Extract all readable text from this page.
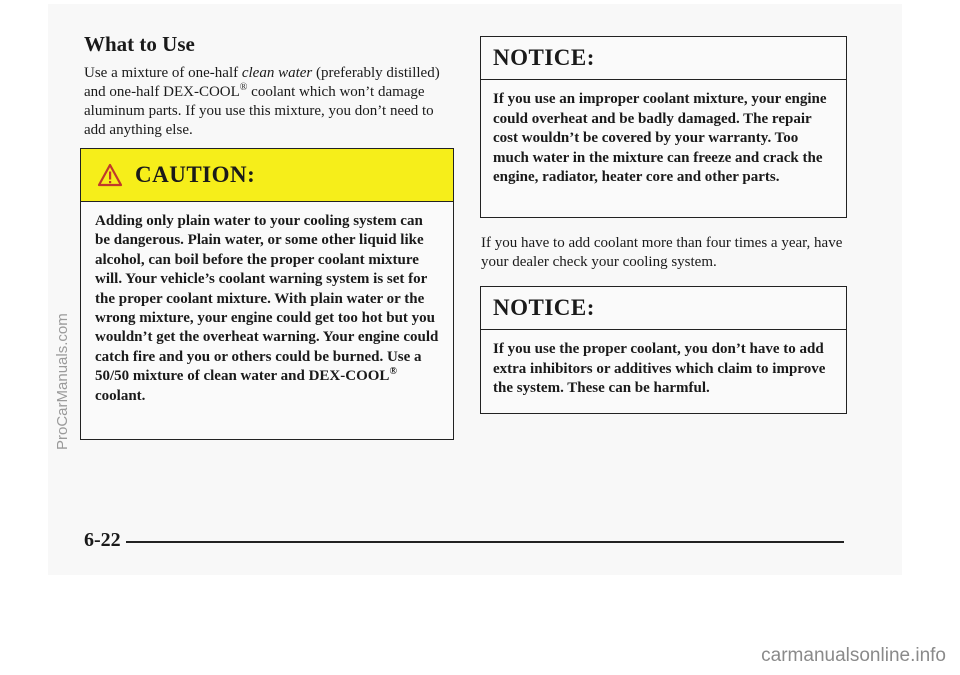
What to Use

Use a mixture of one-half clean water (preferably distilled) and one-half DEX-COOL® coolant which won’t damage aluminum parts. If you use this mixture, you don’t need to add anything else.

CAUTION:
Adding only plain water to your cooling system can be dangerous. Plain water, or some other liquid like alcohol, can boil before the proper coolant mixture will. Your vehicle’s coolant warning system is set for the proper coolant mixture. With plain water or the wrong mixture, your engine could get too hot but you wouldn’t get the overheat warning. Your engine could catch fire and you or others could be burned. Use a 50/50 mixture of clean water and DEX-COOL® coolant.
NOTICE:
If you use an improper coolant mixture, your engine could overheat and be badly damaged. The repair cost wouldn’t be covered by your warranty. Too much water in the mixture can freeze and crack the engine, radiator, heater core and other parts.

If you have to add coolant more than four times a year, have your dealer check your cooling system.

NOTICE:
If you use the proper coolant, you don’t have to add extra inhibitors or additives which claim to improve the system. These can be harmful.
6-22
ProCarManuals.com
carmanualsonline.info
